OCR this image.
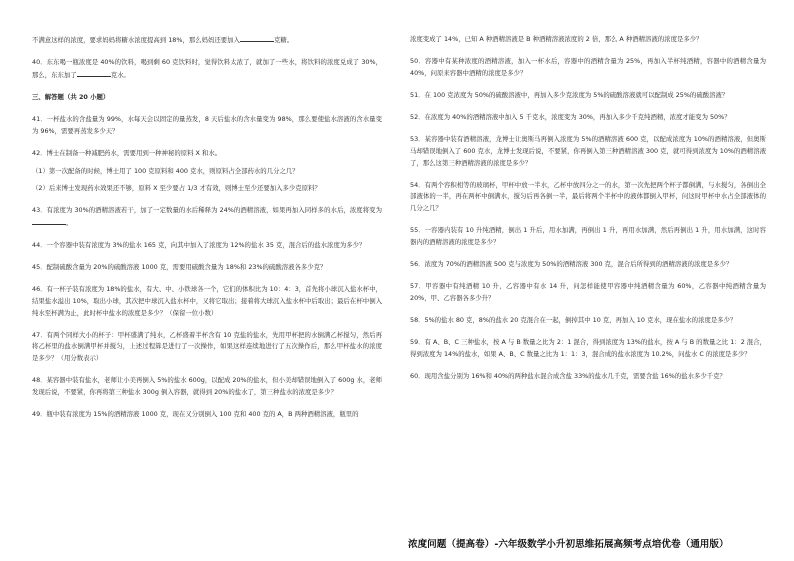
不满意这样的浓度，要求妈妈将糖水浓度提高到 18%，那么妈妈还要加入	克糖。

40．东东喝一瓶浓度是 40%的饮料，喝到剩 60 克饮料时，觉得饮料太浓了，就加了一些水，将饮料的浓度兑成了 30%，那么，东东加了	克水。

三、解答题（共 20 小题）

41．一杯盐水的含盐量为 99%，水每天会以固定的量蒸发，8 天后盐水的含水量变为 98%，那么要使盐水溶液的含水量变为 96%，需要再蒸发多少天？

42．博士在制备一种减肥药水，需要用到一种神秘的原料 X 和水。

（1）第一次配备的时候，博士用了 100 克原料和 400 克水，则原料占全部药水的几分之几？

（2）后来博士发现药水效果还不够，原料 X 至少要占 1/3 才有效，则博士至少还要加入多少克原料？

43．有浓度为 30%的酒精溶液若干，加了一定数量的水后稀释为 24%的酒精溶液，如果再加入同样多的水后，浓度将变为。

44．一个容器中装有浓度为 3%的盐水 165 克，向其中加入了浓度为 12%的盐水 35 克，混合后的盐水浓度为多少？

45．配制硫酸含量为 20%的硫酸溶液 1000 克，需要用硫酸含量为 18%和 23%的硫酸溶液各多少克？

46．有一杯子装有浓度为 18%的盐水，有大、中、小铁球各一个，它们的体积比为 10：4：3，首先将小球沉入盐水杯中，结果盐水溢出 10%，取出小球，其次把中球沉入盐水杯中，又将它取出；接着将大球沉入盐水杯中后取出；最后在杯中倒入纯水至杯满为止，此时杯中盐水的浓度是多少？（保留一位小数）

47．有两个同样大小的杯子：甲杯盛满了纯水，乙杯盛着半杯含有 10 克盐的盐水，先用甲杯把的水倒满乙杯搅匀，然后再将乙杯里的盐水倒满甲杯并搅匀，上述过程算是进行了一次操作，如果这样连续地进行了五次操作后，那么甲杯盐水的浓度是多少？（用分数表示）

48．某容器中装有盐水，老师让小美再倒入 5%的盐水 600g，以配成 20%的盐水，但小美却错误地倒入了 600g 水，老师发现后说，不要紧，你再将第三种盐水 300g 倒入容器，就得到 20%的盐水了，第三种盐水的浓度是多少？

49．瓶中装有浓度为 15%的酒精溶液 1000 克，现在又分别倒入 100 克和 400 克的 A，B 两种酒精溶液，瓶里的

浓度变成了 14%，已知 A 种酒精溶液是 B 种酒精溶液浓度的 2 倍，那么 A 种酒精溶液的浓度是多少？

50．容器中有某种浓度的酒精溶液，加入一杯水后，容器中的酒精含量为 25%，再加入半杯纯酒精，容器中的酒精含量为 40%，问原来容器中酒精的浓度是多少？

51．在 100 克浓度为 50%的硫酸溶液中，再加入多少克浓度为 5%的硫酸溶液就可以配制成 25%的硫酸溶液？

52．在浓度为 40%的酒精溶液中加入 5 千克水，浓度变为 30%，再加入多少千克纯酒精，浓度才能变为 50%？

53．某容器中装有酒精溶液，龙博士让奥斯马再倒入浓度为 5%的酒精溶液 600 克，以配成浓度为 10%的酒精溶液，但奥斯马却错误地倒入了 600 克水，龙博士发现后说，不要紧，你再倒入第三种酒精溶液 300 克，就可得到浓度为 10%的酒精溶液了，那么这第三种酒精溶液的浓度是多少？

54．有两个容积相等的玻璃杯，甲杯中放一半水，乙杯中放四分之一的水，第一次先把两个杯子都倒满，与水搅匀，各倒出全部液体的一半，再在两杯中倒满水，搅匀后再各倒一半，最后将两个半杯中的液体都倒入甲杯，问这时甲杯中水占全部液体的几分之几？

55．一容器内装有 10 升纯酒精，倒出 1 升后，用水加满，再倒出 1 升，再用水加满，然后再倒出 1 升，用水加满，这时容器内的酒精溶液的浓度是多少？

56．浓度为 70%的酒精溶液 500 克与浓度为 50%的酒精溶液 300 克，混合后所得到的酒精溶液的浓度是多少？

57．甲容器中有纯酒精 10 升，乙容器中有水 14 升，问怎样能使甲容器中纯酒精含量为 60%，乙容器中纯酒精含量为 20%，甲、乙容器各多少升？

58．5%的盐水 80 克，8%的盐水 20 克混合在一起，倒掉其中 10 克，再加入 10 克水，现在盐水的浓度是多少？

59．有 A、B、C 三种盐水，按 A 与 B 数量之比为 2：1 混合，得到浓度为 13%的盐水，按 A 与 B 的数量之比 1：2 混合，得到浓度为 14%的盐水，如果 A、B、C 数量之比为 1：1：3，混合成的盐水浓度为 10.2%，问盐水 C 的浓度是多少？

60．现用含盐分别为 16%和 40%的两种盐水混合成含盐 33%的盐水几千克，需要含盐 16%的盐水多少千克？

浓度问题（提高卷）-六年级数学小升初思维拓展高频考点培优卷（通用版）
